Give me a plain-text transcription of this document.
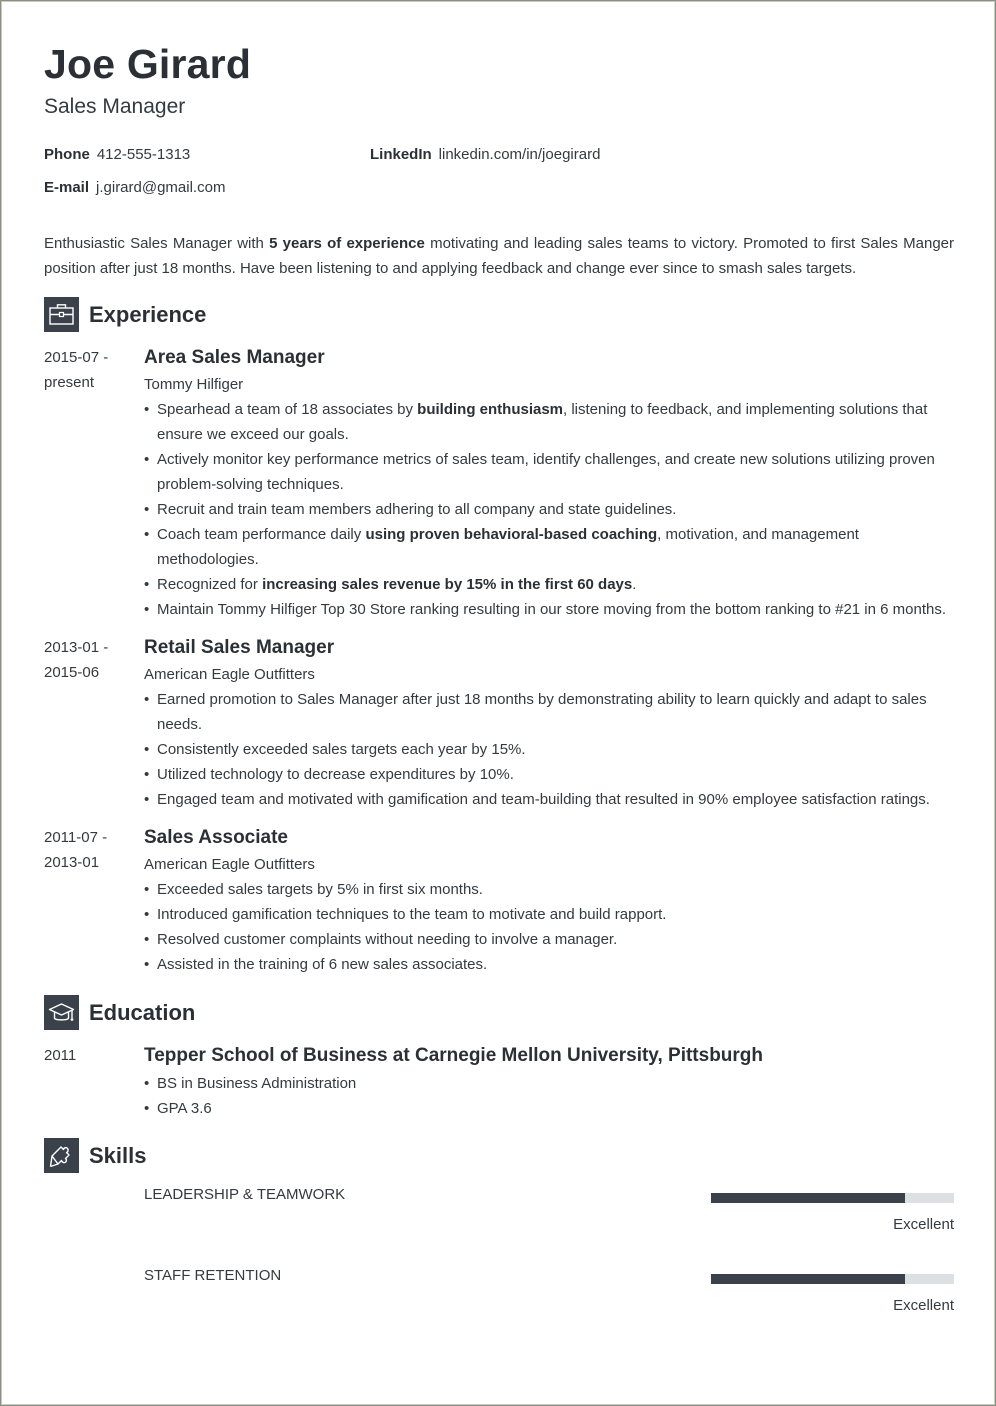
Joe Girard
Sales Manager
Phone 412-555-1313	LinkedIn linkedin.com/in/joegirard
E-mail j.girard@gmail.com

Enthusiastic Sales Manager with 5 years of experience motivating and leading sales teams to victory. Promoted to first Sales Manger position after just 18 months. Have been listening to and applying feedback and change ever since to smash sales targets.

Experience
2015-07 -
present
Area Sales Manager
Tommy Hilfiger
• Spearhead a team of 18 associates by building enthusiasm, listening to feedback, and implementing solutions that ensure we exceed our goals.
• Actively monitor key performance metrics of sales team, identify challenges, and create new solutions utilizing proven problem-solving techniques.
• Recruit and train team members adhering to all company and state guidelines.
• Coach team performance daily using proven behavioral-based coaching, motivation, and management methodologies.
• Recognized for increasing sales revenue by 15% in the first 60 days.
• Maintain Tommy Hilfiger Top 30 Store ranking resulting in our store moving from the bottom ranking to #21 in 6 months.
2013-01 -
2015-06
Retail Sales Manager
American Eagle Outfitters
• Earned promotion to Sales Manager after just 18 months by demonstrating ability to learn quickly and adapt to sales needs.
• Consistently exceeded sales targets each year by 15%.
• Utilized technology to decrease expenditures by 10%.
• Engaged team and motivated with gamification and team-building that resulted in 90% employee satisfaction ratings.
2011-07 -
2013-01
Sales Associate
American Eagle Outfitters
• Exceeded sales targets by 5% in first six months.
• Introduced gamification techniques to the team to motivate and build rapport.
• Resolved customer complaints without needing to involve a manager.
• Assisted in the training of 6 new sales associates.
Education
2011	Tepper School of Business at Carnegie Mellon University, Pittsburgh
• BS in Business Administration
• GPA 3.6
Skills
LEADERSHIP & TEAMWORK
Excellent
STAFF RETENTION
Excellent
